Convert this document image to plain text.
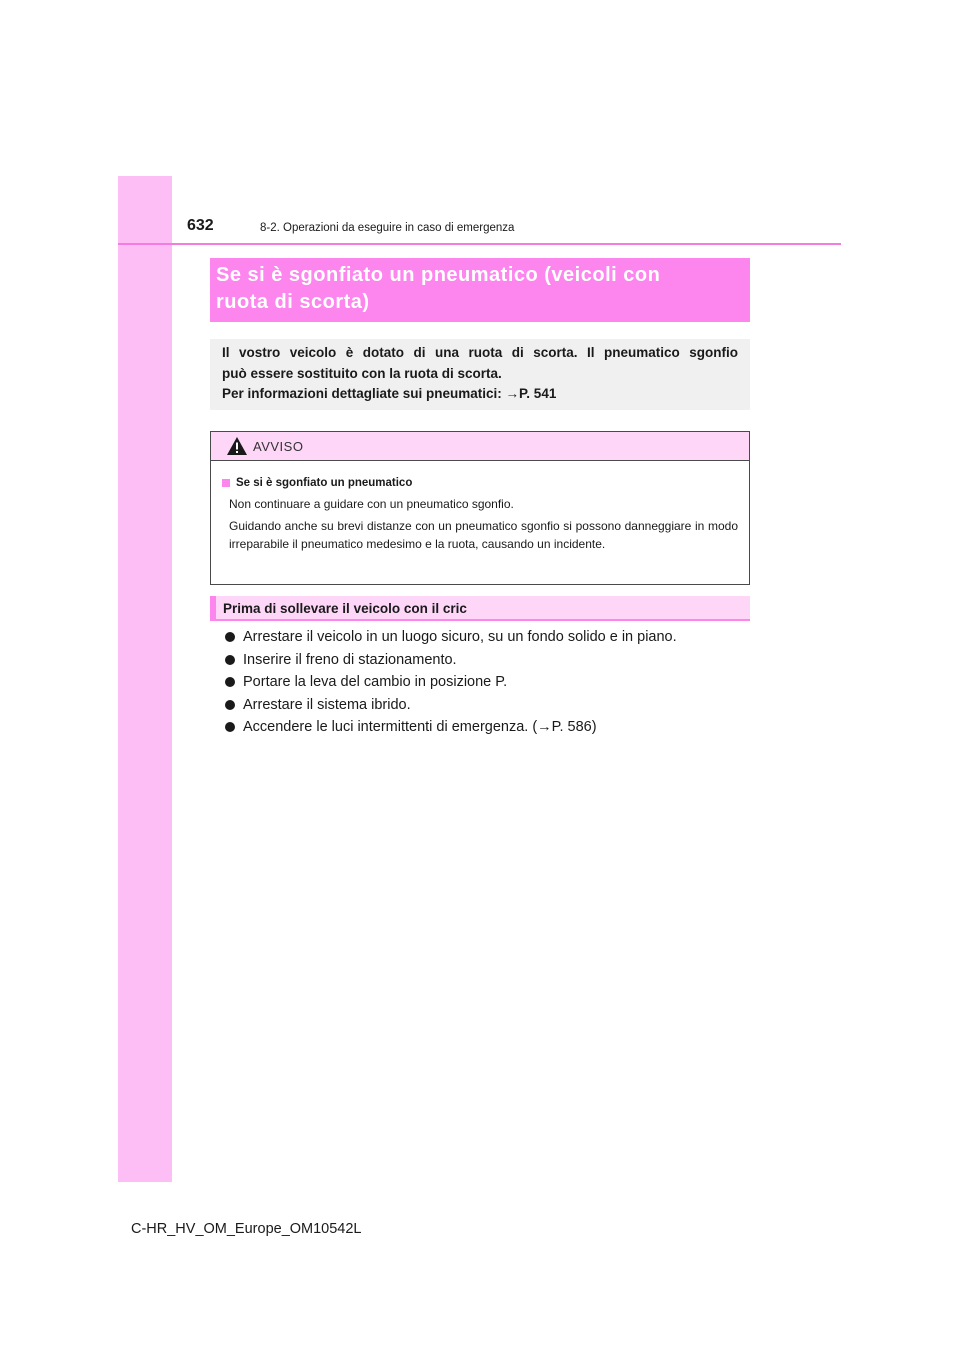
632	8-2. Operazioni da eseguire in caso di emergenza
Se si è sgonfiato un pneumatico (veicoli con
ruota di scorta)

Il vostro veicolo è dotato di una ruota di scorta. Il pneumatico sgonfio

può essere sostituito con la ruota di scorta.

Per informazioni dettagliate sui pneumatici: →P. 541

AVVISO
Se si è sgonfiato un pneumatico

Non continuare a guidare con un pneumatico sgonfio.

Guidando anche su brevi distanze con un pneumatico sgonfio si possono danneggiare in modo irreparabile il pneumatico medesimo e la ruota, causando un incidente.

Prima di sollevare il veicolo con il cric
Arrestare il veicolo in un luogo sicuro, su un fondo solido e in piano.
Inserire il freno di stazionamento.
Portare la leva del cambio in posizione P.
Arrestare il sistema ibrido.
Accendere le luci intermittenti di emergenza. (→P. 586)
C-HR_HV_OM_Europe_OM10542L
